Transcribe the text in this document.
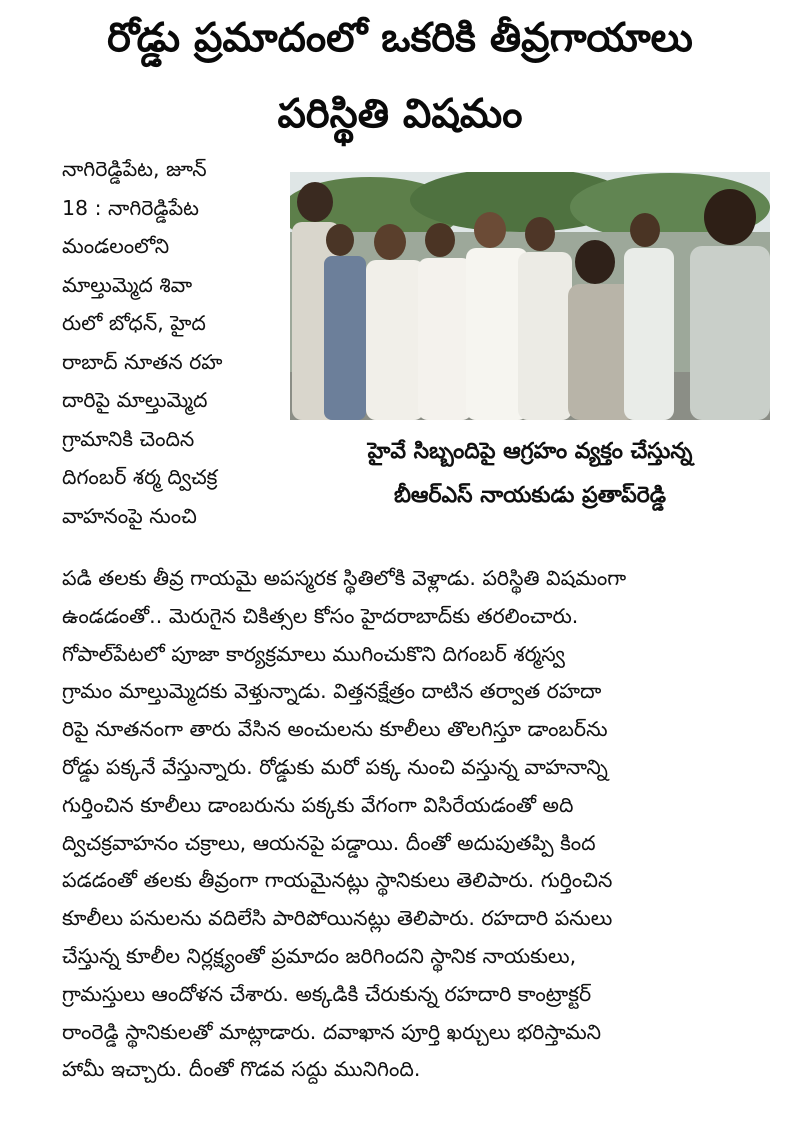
రోడ్డు ప్రమాదంలో ఒకరికి తీవ్రగాయాలు
పరిస్థితి విషమం
నాగిరెడ్డిపేట, జూన్
18 : నాగిరెడ్డిపేట
మండలంలోని
మాల్తుమ్మెద శివా
రులో బోధన్, హైద
రాబాద్ నూతన రహ
దారిపై మాల్తుమ్మెద
గ్రామానికి చెందిన
దిగంబర్ శర్మ ద్విచక్ర
వాహనంపై నుంచి
హైవే సిబ్బందిపై ఆగ్రహం వ్యక్తం చేస్తున్న
బీఆర్ఎస్ నాయకుడు ప్రతాప్‌రెడ్డి
పడి తలకు తీవ్ర గాయమై అపస్మరక స్థితిలోకి వెళ్లాడు. పరిస్థితి విషమంగా
ఉండడంతో.. మెరుగైన చికిత్సల కోసం హైదరాబాద్‌కు తరలించారు.
గోపాల్‌పేటలో పూజా కార్యక్రమాలు ముగించుకొని దిగంబర్ శర్మస్వ
గ్రామం మాల్తుమ్మెదకు వెళ్తున్నాడు. విత్తనక్షేత్రం దాటిన తర్వాత రహదా
రిపై నూతనంగా తారు వేసిన అంచులను కూలీలు తొలగిస్తూ డాంబర్‌ను
రోడ్డు పక్కనే వేస్తున్నారు. రోడ్డుకు మరో పక్క నుంచి వస్తున్న వాహనాన్ని
గుర్తించిన కూలీలు డాంబరును పక్కకు వేగంగా విసిరేయడంతో అది
ద్విచక్రవాహనం చక్రాలు, ఆయనపై పడ్డాయి. దీంతో అదుపుతప్పి కింద
పడడంతో తలకు తీవ్రంగా గాయమైనట్లు స్థానికులు తెలిపారు. గుర్తించిన
కూలీలు పనులను వదిలేసి పారిపోయినట్లు తెలిపారు. రహదారి పనులు
చేస్తున్న కూలీల నిర్లక్ష్యంతో ప్రమాదం జరిగిందని స్థానిక నాయకులు,
గ్రామస్తులు ఆందోళన చేశారు. అక్కడికి చేరుకున్న రహదారి కాంట్రాక్టర్
రాంరెడ్డి స్థానికులతో మాట్లాడారు. దవాఖాన పూర్తి ఖర్చులు భరిస్తామని
హామీ ఇచ్చారు. దీంతో గొడవ సద్దు మునిగింది.
